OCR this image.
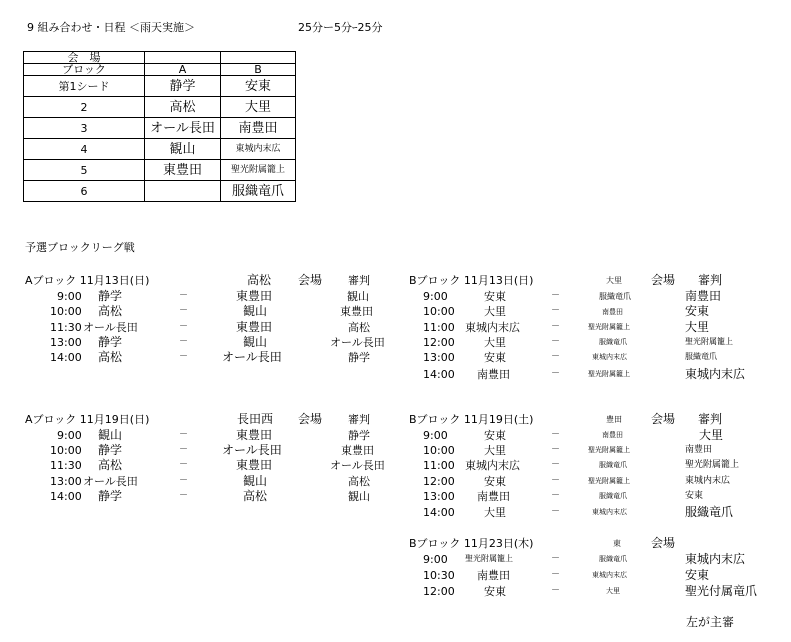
9 組み合わせ・日程 ＜雨天実施＞	25分ー5分ｰ25分
会　場		
ブロック	A	B
第1シード	静学	安東
2	高松	大里
3	オール長田	南豊田
4	観山	東城内末広
5	東豊田	聖光附属籠上
6		服織竜爪
予選ブロックリーグ戦
Aブロック 11月13日(日)	高松 会場 審判
9:00 静学	－	東豊田	観山
10:00 高松	－	観山	東豊田
11:30 オール長田	－	東豊田	高松
13:00 静学	－	観山	オール長田
14:00 高松	－	オール長田	静学
Bブロック 11月13日(日)	大里 会場 審判
9:00	安東	－	服織竜爪	南豊田
10:00	大里	－	南豊田	安東
11:00 東城内末広	－	聖光附属籠上	大里
12:00	大里	－	服織竜爪	聖光附属籠上
13:00	安東	－	東城内末広	服織竜爪
14:00 南豊田	－	聖光附属籠上	東城内末広
Aブロック 11月19日(日)	長田西 会場 審判
9:00 観山	－	東豊田	静学
10:00 静学	－	オール長田	東豊田
11:30 高松	－	東豊田	オール長田
13:00 オール長田	－	観山	高松
14:00 静学	－	高松	観山
Bブロック 11月19日(土)	豊田 会場 審判
9:00	安東	－	南豊田	大里
10:00	大里	－	聖光附属籠上	南豊田
11:00 東城内末広	－	服織竜爪	聖光附属籠上
12:00	安東	－	聖光附属籠上	東城内末広
13:00 南豊田	－	服織竜爪	安東
14:00	大里	－	東城内末広	服織竜爪
Bブロック 11月23日(木)	東	会場
9:00 聖光附属籠上	－	服織竜爪	東城内末広
10:30 南豊田	－	東城内末広	安東
12:00	安東	－	大里	聖光付属竜爪
左が主審
